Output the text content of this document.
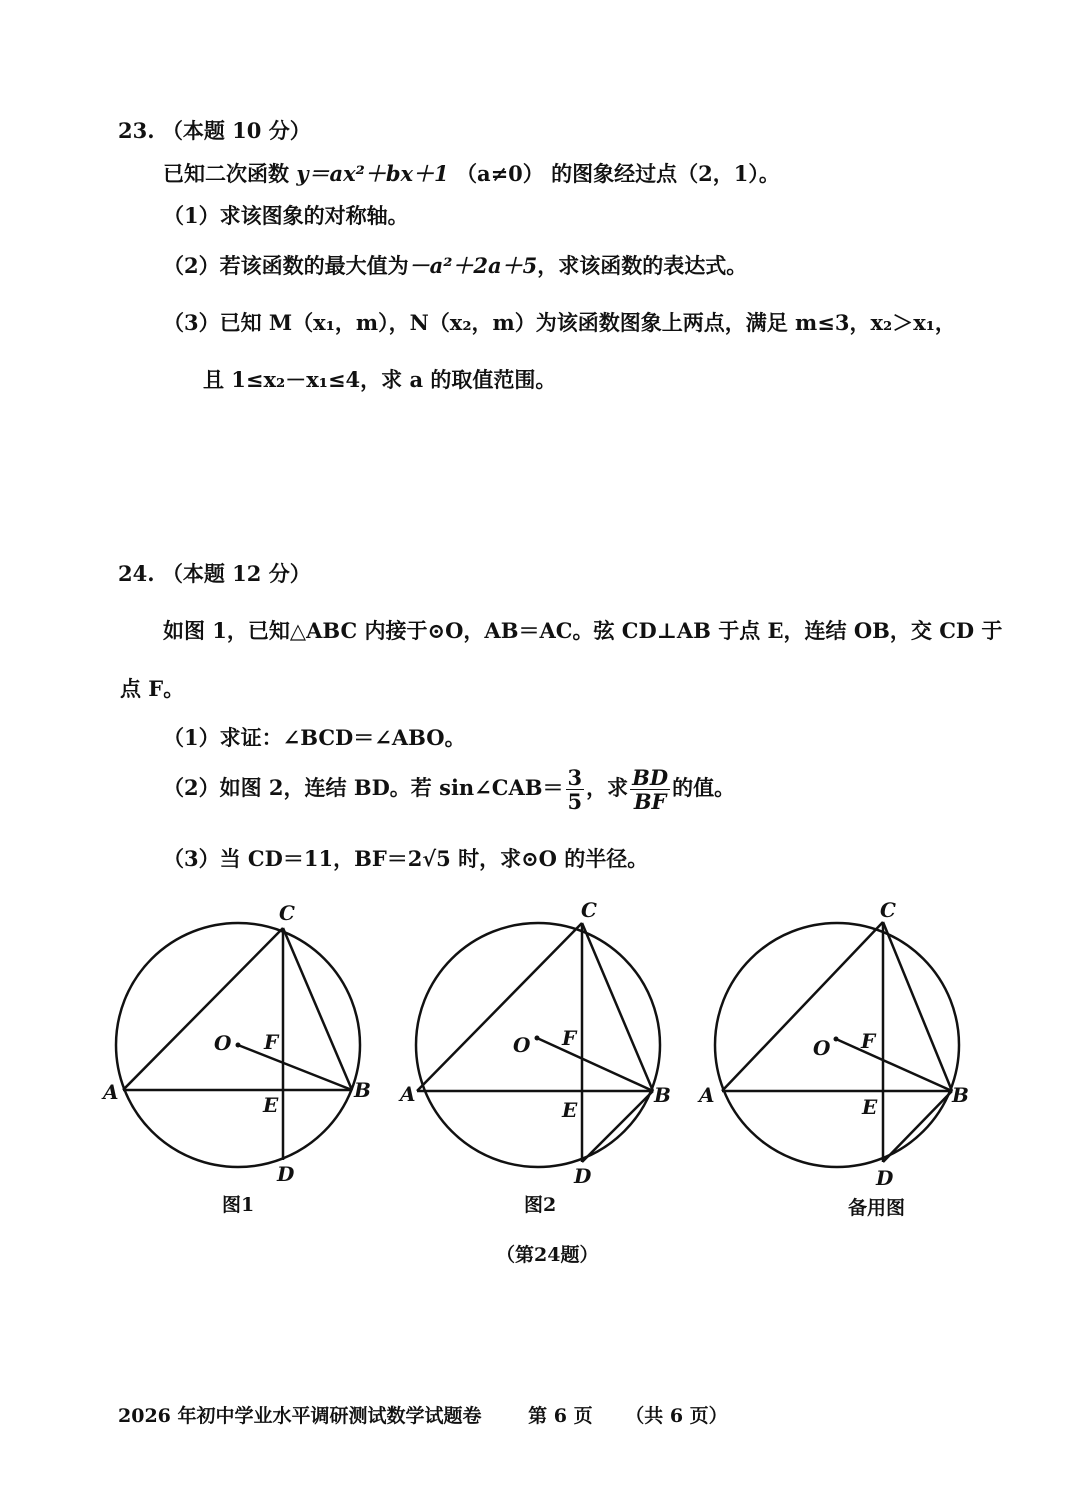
23. （本题 10 分）
已知二次函数 y＝ax²＋bx＋1 （a≠0） 的图象经过点（2，1）。
（1）求该图象的对称轴。
（2）若该函数的最大值为－a²＋2a＋5，求该函数的表达式。
（3）已知 M（x₁，m），N（x₂，m）为该函数图象上两点，满足 m≤3，x₂＞x₁，
且 1≤x₂－x₁≤4，求 a 的取值范围。
24. （本题 12 分）
如图 1，已知△ABC 内接于⊙O，AB＝AC。弦 CD⊥AB 于点 E，连结 OB，交 CD 于
点 F。
（1）求证：∠BCD＝∠ABO。
（2）如图 2，连结 BD。若 sin∠CAB＝ $\frac{3}{5}$ ，求 $\frac{BD}{BF}$ 的值。
（3）当 CD＝11，BF＝2√5 时，求⊙O 的半径。
A	B
C
D
E
F
O
A	B
C
D
E
F
O
A	B
C
D
E
F
O
图1	图2	备用图
（第24题）
2026 年初中学业水平调研测试数学试题卷 第 6 页 （共 6 页）
